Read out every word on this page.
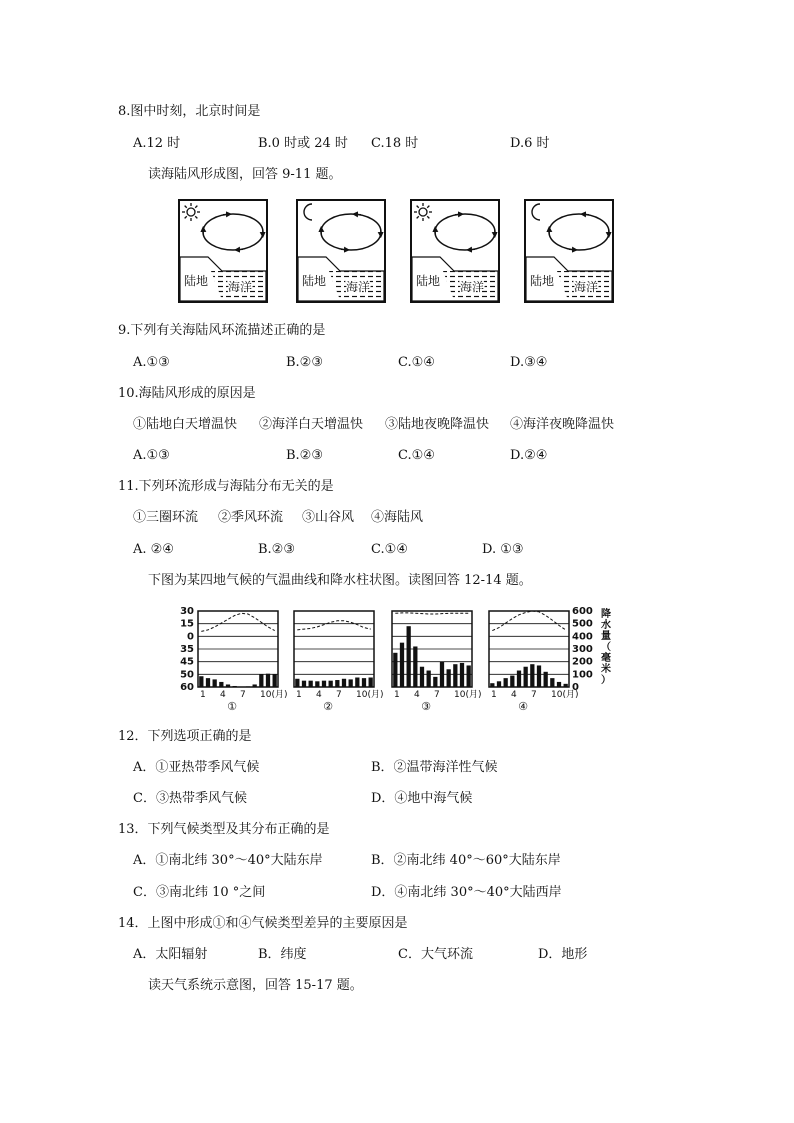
8.图中时刻，北京时间是
A.12 时	B.0 时或 24 时 C.18 时	D.6 时
读海陆风形成图，回答 9-11 题。
陆地 海洋	陆地 海洋	陆地 海洋	陆地 海洋
9.下列有关海陆风环流描述正确的是
A.①③	B.②③	C.①④	D.③④
10.海陆风形成的原因是
①陆地白天增温快 ②海洋白天增温快 ③陆地夜晚降温快 ④海洋夜晚降温快
A.①③	B.②③	C.①④	D.②④
11.下列环流形成与海陆分布无关的是
①三圈环流 ②季风环流 ③山谷风 ④海陆风
A. ②④	B.②③	C.①④	D. ①③
下图为某四地气候的气温曲线和降水柱状图。读图回答 12-14 题。
30
15
0
35
45
50
60
600
500
400
300
200
100
0
降
水
量
（
毫
米
）
1 4 7 10(月)
①
1 4 7 10(月)
②
1 4 7 10(月)
③
1 4 7 10(月)
④
12．下列选项正确的是
A．①亚热带季风气候	B．②温带海洋性气候
C．③热带季风气候	D．④地中海气候
13．下列气候类型及其分布正确的是
A．①南北纬 30°～40°大陆东岸	B．②南北纬 40°～60°大陆东岸
C．③南北纬 10 °之间	D．④南北纬 30°～40°大陆西岸
14．上图中形成①和④气候类型差异的主要原因是
A．太阳辐射	B．纬度	C．大气环流	D．地形
读天气系统示意图，回答 15-17 题。
